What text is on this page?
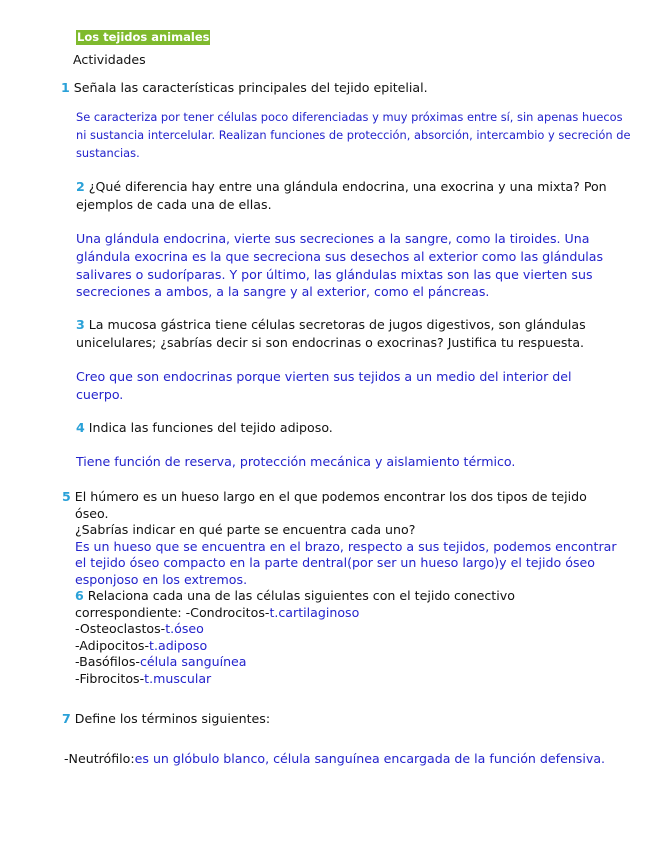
Los tejidos animales
Actividades
1 Señala las características principales del tejido epitelial.
Se caracteriza por tener células poco diferenciadas y muy próximas entre sí, sin apenas huecos
ni sustancia intercelular. Realizan funciones de protección, absorción, intercambio y secreción de
sustancias.
2 ¿Qué diferencia hay entre una glándula endocrina, una exocrina y una mixta? Pon
ejemplos de cada una de ellas.
Una glándula endocrina, vierte sus secreciones a la sangre, como la tiroides. Una
glándula exocrina es la que secreciona sus desechos al exterior como las glándulas
salivares o sudoríparas. Y por último, las glándulas mixtas son las que vierten sus
secreciones a ambos, a la sangre y al exterior, como el páncreas.
3 La mucosa gástrica tiene células secretoras de jugos digestivos, son glándulas
unicelulares; ¿sabrías decir si son endocrinas o exocrinas? Justifica tu respuesta.
Creo que son endocrinas porque vierten sus tejidos a un medio del interior del
cuerpo.
4 Indica las funciones del tejido adiposo.
Tiene función de reserva, protección mecánica y aislamiento térmico.
5 El húmero es un hueso largo en el que podemos encontrar los dos tipos de tejido
óseo.
¿Sabrías indicar en qué parte se encuentra cada uno?
Es un hueso que se encuentra en el brazo, respecto a sus tejidos, podemos encontrar
el tejido óseo compacto en la parte dentral(por ser un hueso largo)y el tejido óseo
esponjoso en los extremos.
6 Relaciona cada una de las células siguientes con el tejido conectivo
correspondiente: -Condrocitos-t.cartilaginoso
-Osteoclastos-t.óseo
-Adipocitos-t.adiposo
-Basófilos-célula sanguínea
-Fibrocitos-t.muscular
7 Define los términos siguientes:
-Neutrófilo:es un glóbulo blanco, célula sanguínea encargada de la función defensiva.
